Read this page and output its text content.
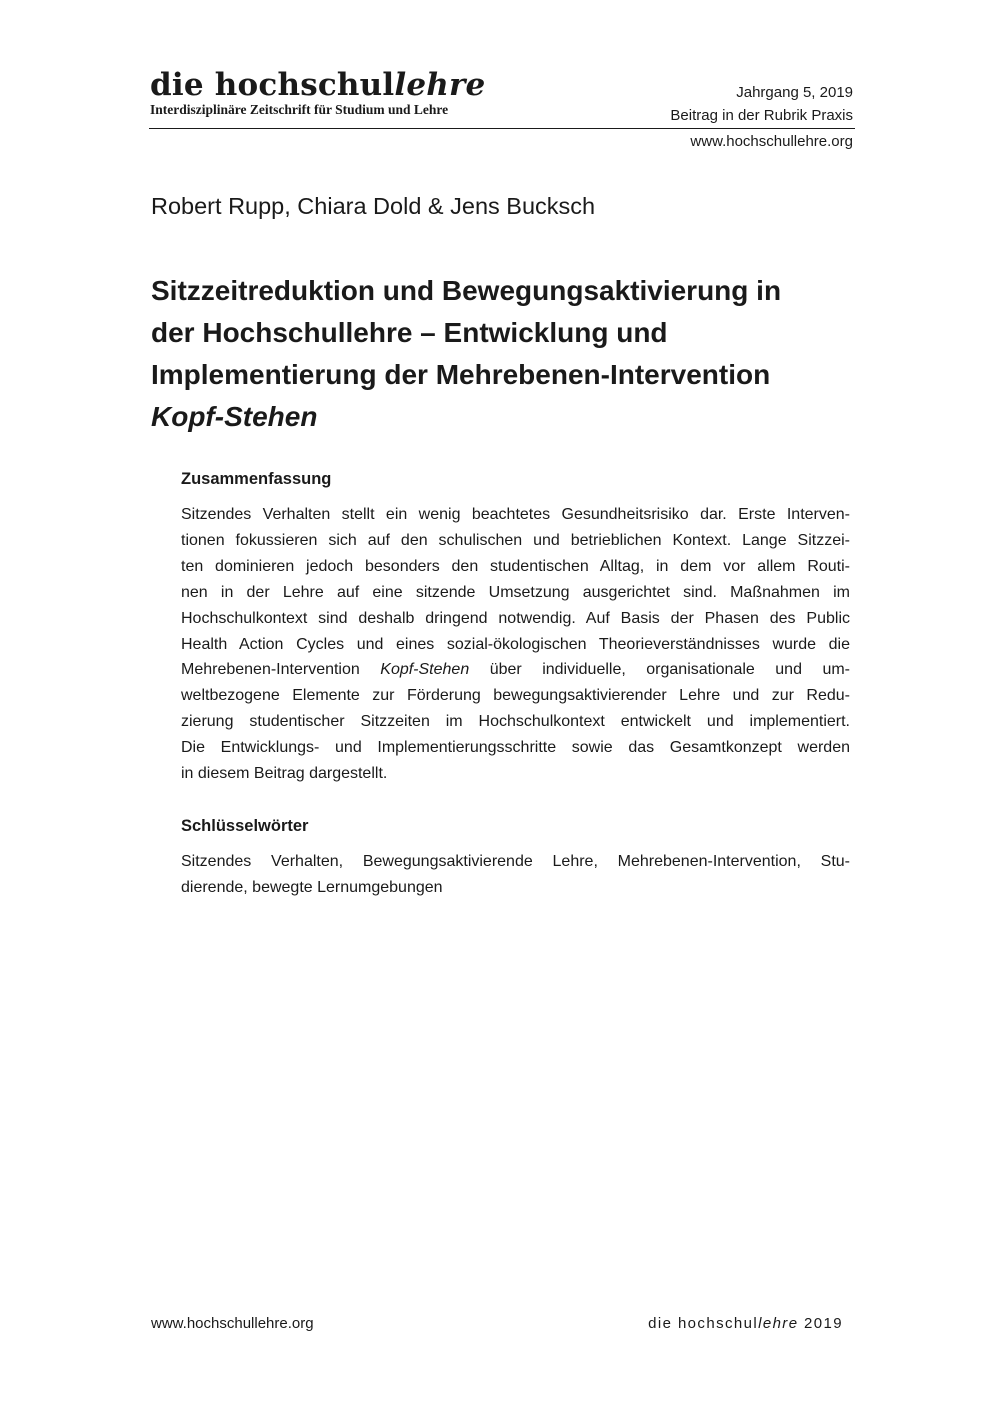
die hochschullehre
Interdisziplinäre Zeitschrift für Studium und Lehre
Jahrgang 5, 2019
Beitrag in der Rubrik Praxis
www.hochschullehre.org
Robert Rupp, Chiara Dold & Jens Bucksch
Sitzzeitreduktion und Bewegungsaktivierung in
der Hochschullehre – Entwicklung und
Implementierung der Mehrebenen-Intervention
Kopf-Stehen
Zusammenfassung
Sitzendes Verhalten stellt ein wenig beachtetes Gesundheitsrisiko dar. Erste Interven-
tionen fokussieren sich auf den schulischen und betrieblichen Kontext. Lange Sitzzei-
ten dominieren jedoch besonders den studentischen Alltag, in dem vor allem Routi-
nen in der Lehre auf eine sitzende Umsetzung ausgerichtet sind. Maßnahmen im
Hochschulkontext sind deshalb dringend notwendig. Auf Basis der Phasen des Public
Health Action Cycles und eines sozial-ökologischen Theorieverständnisses wurde die
Mehrebenen-Intervention Kopf-Stehen über individuelle, organisationale und um-
weltbezogene Elemente zur Förderung bewegungsaktivierender Lehre und zur Redu-
zierung studentischer Sitzzeiten im Hochschulkontext entwickelt und implementiert.
Die Entwicklungs- und Implementierungsschritte sowie das Gesamtkonzept werden
in diesem Beitrag dargestellt.
Schlüsselwörter
Sitzendes Verhalten, Bewegungsaktivierende Lehre, Mehrebenen-Intervention, Stu-
dierende, bewegte Lernumgebungen
www.hochschullehre.org	die hochschullehre 2019
